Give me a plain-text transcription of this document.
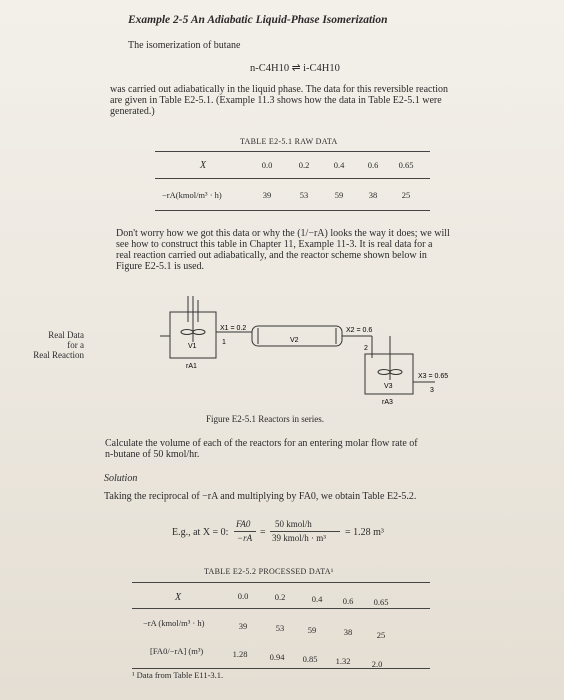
Example 2-5 An Adiabatic Liquid-Phase Isomerization
The isomerization of butane
n-C4H10 ⇌ i-C4H10
was carried out adiabatically in the liquid phase. The data for this reversible reaction
are given in Table E2-5.1. (Example 11.3 shows how the data in Table E2-5.1 were
generated.)
TABLE E2-5.1 RAW DATA
X	0.0	0.2	0.4	0.6	0.65
−rA(kmol/m³ · h)	39	53	59	38	25
Don't worry how we got this data or why the (1/−rA) looks the way it does; we will
see how to construct this table in Chapter 11, Example 11-3. It is real data for a
real reaction carried out adiabatically, and the reactor scheme shown below in
Figure E2-5.1 is used.
Real Data
for a
Real Reaction
X1 = 0.2
V1
rA1
1	V2
X2 = 0.6
2
X3 = 0.65
V3
rA3
3
Figure E2-5.1 Reactors in series.
Calculate the volume of each of the reactors for an entering molar flow rate of
n-butane of 50 kmol/hr.
Solution
Taking the reciprocal of −rA and multiplying by FA0, we obtain Table E2-5.2.
E.g., at X = 0:
FA0
−rA =
50 kmol/h
39 kmol/h · m³ = 1.28 m³
TABLE E2-5.2 PROCESSED DATA¹
X	0.0	0.2	0.4	0.6	0.65
−rA (kmol/m³ · h)	39	53	59	38	25
[FA0/−rA] (m³)	1.28	0.94	0.85	1.32	2.0
¹ Data from Table E11-3.1.
